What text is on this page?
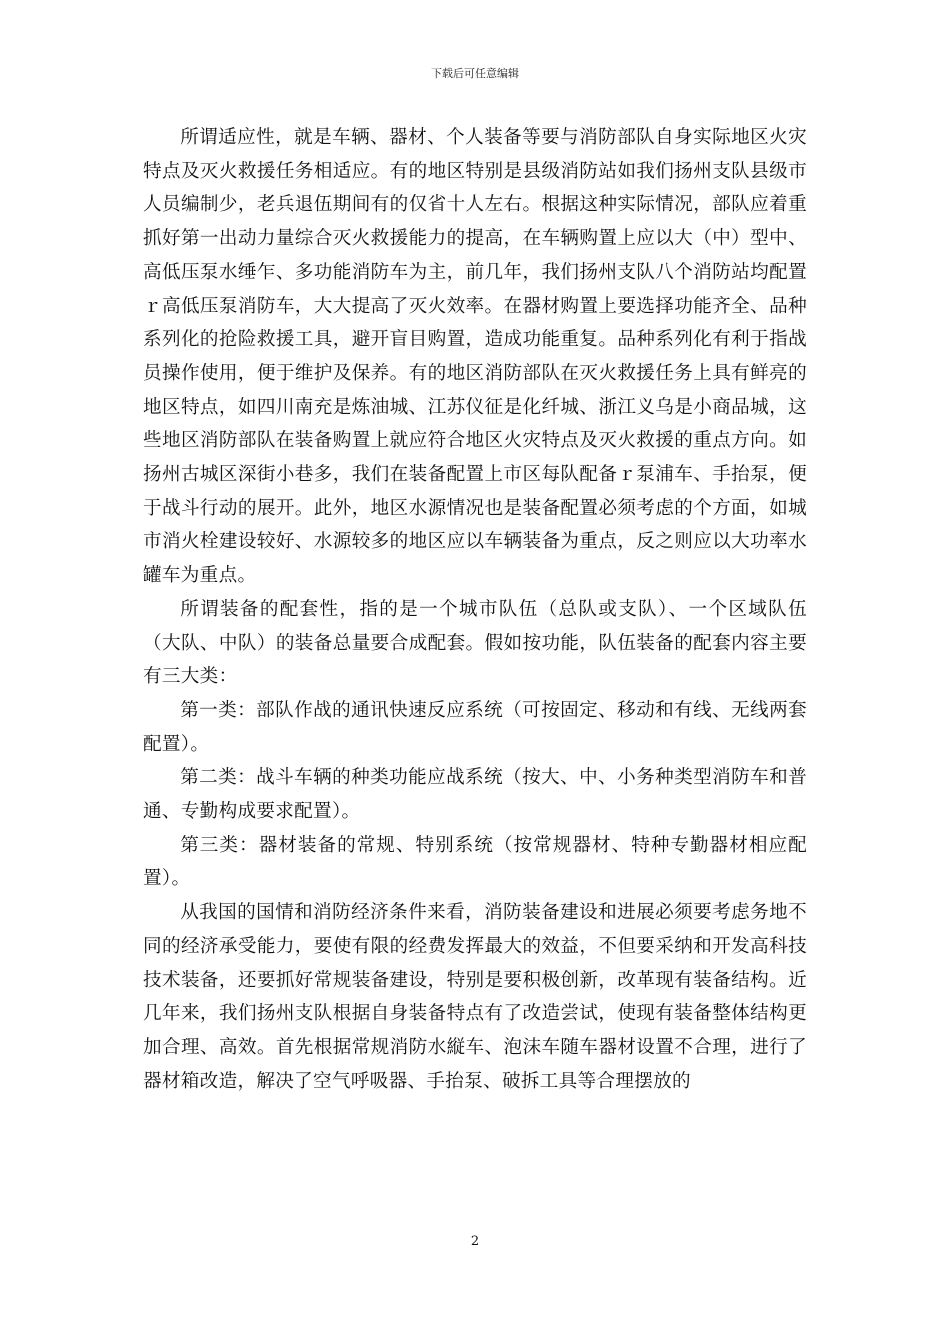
下载后可任意编辑

所谓适应性，就是车辆、器材、个人装备等要与消防部队自身实际地区火灾特点及灭火救援任务相适应。有的地区特别是县级消防站如我们扬州支队县级市人员编制少，老兵退伍期间有的仅省十人左右。根据这种实际情况，部队应着重抓好第一出动力量综合灭火救援能力的提高，在车辆购置上应以大（中）型中、高低压泵水缍乍、多功能消防车为主，前几年，我们扬州支队八个消防站均配置ｒ高低压泵消防车，大大提高了灭火效率。在器材购置上要选择功能齐全、品种系列化的抢险救援工具，避开盲目购置，造成功能重复。品种系列化有利于指战员操作使用，便于维护及保养。有的地区消防部队在灭火救援任务上具有鲜亮的地区特点，如四川南充是炼油城、江苏仪征是化纤城、浙江义乌是小商品城，这些地区消防部队在装备购置上就应符合地区火灾特点及灭火救援的重点方向。如扬州古城区深街小巷多，我们在装备配置上市区每队配备ｒ泵浦车、手抬泵，便于战斗行动的展开。此外，地区水源情况也是装备配置必须考虑的个方面，如城市消火栓建设较好、水源较多的地区应以车辆装备为重点，反之则应以大功率水罐车为重点。

所谓装备的配套性，指的是一个城市队伍（总队或支队）、一个区域队伍（大队、中队）的装备总量要合成配套。假如按功能，队伍装备的配套内容主要有三大类：

第一类：部队作战的通讯快速反应系统（可按固定、移动和有线、无线两套配置）。

第二类：战斗车辆的种类功能应战系统（按大、中、小务种类型消防车和普通、专勤构成要求配置）。

第三类：器材装备的常规、特别系统（按常规器材、特种专勤器材相应配置）。

从我国的国情和消防经济条件来看，消防装备建设和进展必须要考虑务地不同的经济承受能力，要使有限的经费发挥最大的效益，不但要采纳和开发高科技技术装备，还要抓好常规装备建设，特别是要积极创新，改革现有装备结构。近几年来，我们扬州支队根据自身装备特点有了改造尝试，使现有装备整体结构更加合理、高效。首先根据常规消防水縦车、泡沫车随车器材设置不合理，进行了器材箱改造，解决了空气呼吸器、手抬泵、破拆工具等合理摆放的

2
